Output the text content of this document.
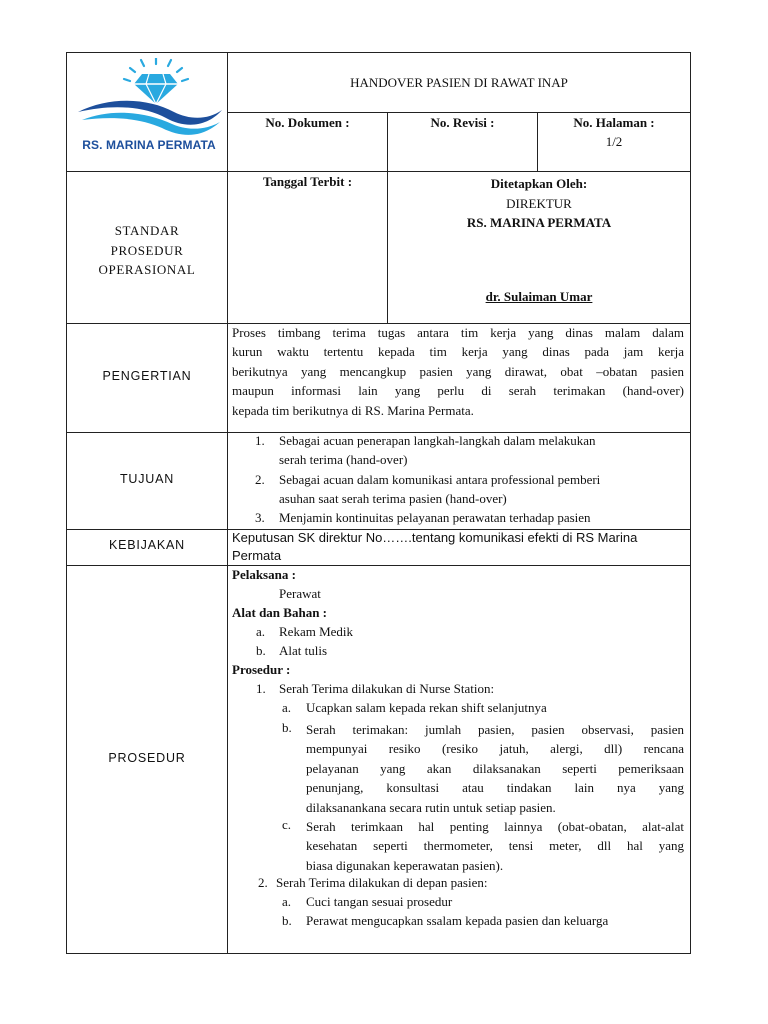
RS. MARINA PERMATA
HANDOVER PASIEN DI RAWAT INAP
No. Dokumen :	No. Revisi :	No. Halaman :
1/2
STANDAR
PROSEDUR
OPERASIONAL
Tanggal Terbit :	Ditetapkan Oleh:
DIREKTUR
RS. MARINA PERMATA
dr. Sulaiman Umar
PENGERTIAN
Proses timbang terima tugas antara tim kerja yang dinas malam dalam
kurun waktu tertentu kepada tim kerja yang dinas pada jam kerja
berikutnya yang mencangkup pasien yang dirawat, obat –obatan pasien
maupun informasi lain yang perlu di serah terimakan (hand-over)
kepada tim berikutnya di RS. Marina Permata.
TUJUAN
1. Sebagai acuan penerapan langkah-langkah dalam melakukan
serah terima (hand-over)
2. Sebagai acuan dalam komunikasi antara professional pemberi
asuhan saat serah terima pasien (hand-over)
3. Menjamin kontinuitas pelayanan perawatan terhadap pasien
KEBIJAKAN	Keputusan SK direktur No…….tentang komunikasi efekti di RS Marina
Permata
PROSEDUR
Pelaksana :
Perawat
Alat dan Bahan :
a. Rekam Medik
b. Alat tulis
Prosedur :
1. Serah Terima dilakukan di Nurse Station:
a. Ucapkan salam kepada rekan shift selanjutnya
b. Serah terimakan: jumlah pasien, pasien observasi, pasien
mempunyai resiko (resiko jatuh, alergi, dll) rencana
pelayanan yang akan dilaksanakan seperti pemeriksaan
penunjang, konsultasi atau tindakan lain nya yang
dilaksanankana secara rutin untuk setiap pasien.
c. Serah terimkaan hal penting lainnya (obat-obatan, alat-alat
kesehatan seperti thermometer, tensi meter, dll hal yang
biasa digunakan keperawatan pasien).
2. Serah Terima dilakukan di depan pasien:
a. Cuci tangan sesuai prosedur
b. Perawat mengucapkan ssalam kepada pasien dan keluarga
